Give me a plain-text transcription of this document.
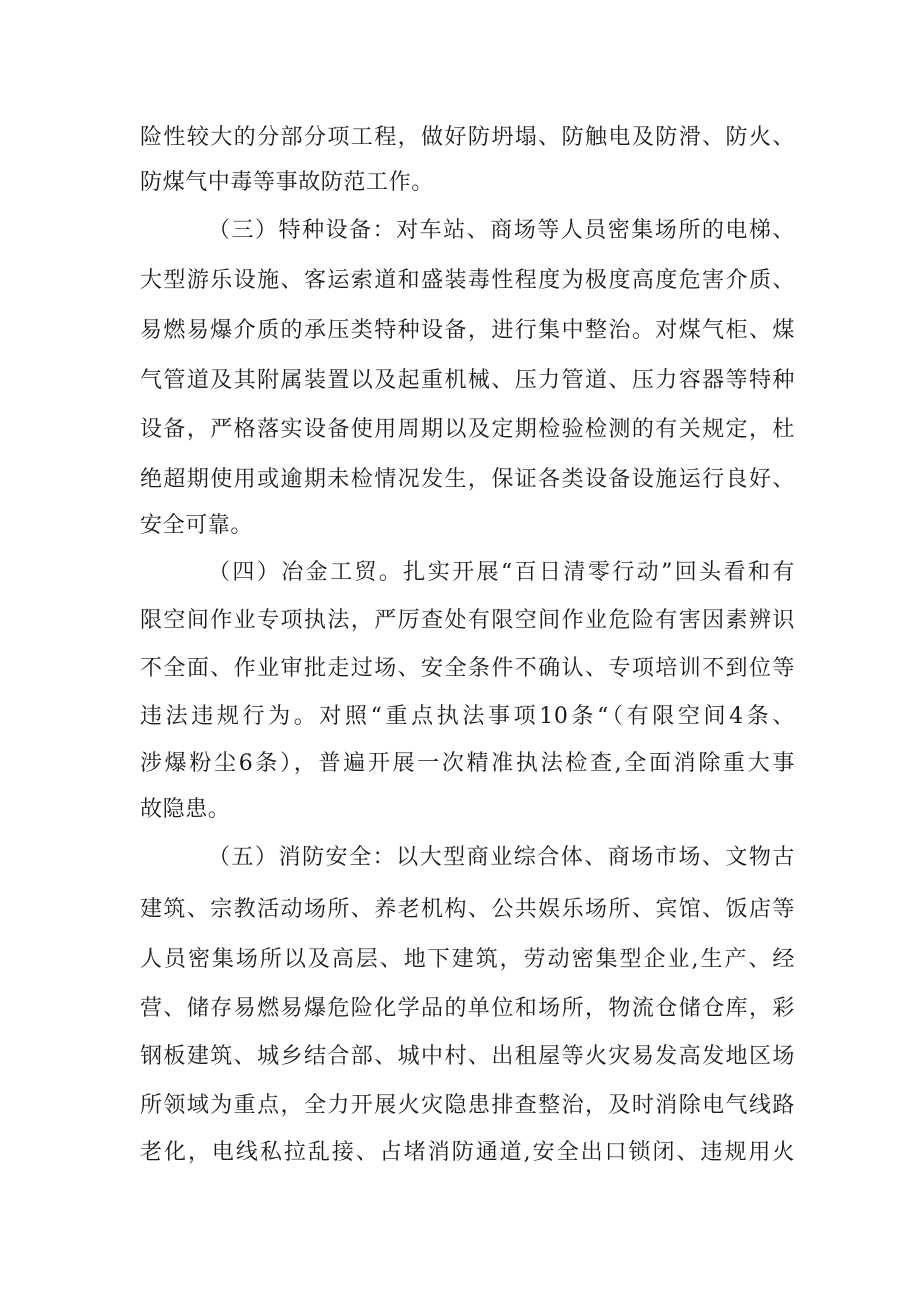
险性较大的分部分项工程，做好防坍塌、防触电及防滑、防火、
防煤气中毒等事故防范工作。
（三）特种设备：对车站、商场等人员密集场所的电梯、
大型游乐设施、客运索道和盛装毒性程度为极度高度危害介质、
易燃易爆介质的承压类特种设备，进行集中整治。对煤气柜、煤
气管道及其附属装置以及起重机械、压力管道、压力容器等特种
设备，严格落实设备使用周期以及定期检验检测的有关规定，杜
绝超期使用或逾期未检情况发生，保证各类设备设施运行良好、
安全可靠。
（四）冶金工贸。扎实开展“百日清零行动”回头看和有
限空间作业专项执法，严厉查处有限空间作业危险有害因素辨识
不全面、作业审批走过场、安全条件不确认、专项培训不到位等
违法违规行为。对照“重点执法事项10条“（有限空间4条、
涉爆粉尘6条），普遍开展一次精准执法检查,全面消除重大事
故隐患。
（五）消防安全：以大型商业综合体、商场市场、文物古
建筑、宗教活动场所、养老机构、公共娱乐场所、宾馆、饭店等
人员密集场所以及高层、地下建筑，劳动密集型企业,生产、经
营、储存易燃易爆危险化学品的单位和场所，物流仓储仓库，彩
钢板建筑、城乡结合部、城中村、出租屋等火灾易发高发地区场
所领域为重点，全力开展火灾隐患排查整治，及时消除电气线路
老化，电线私拉乱接、占堵消防通道,安全出口锁闭、违规用火
